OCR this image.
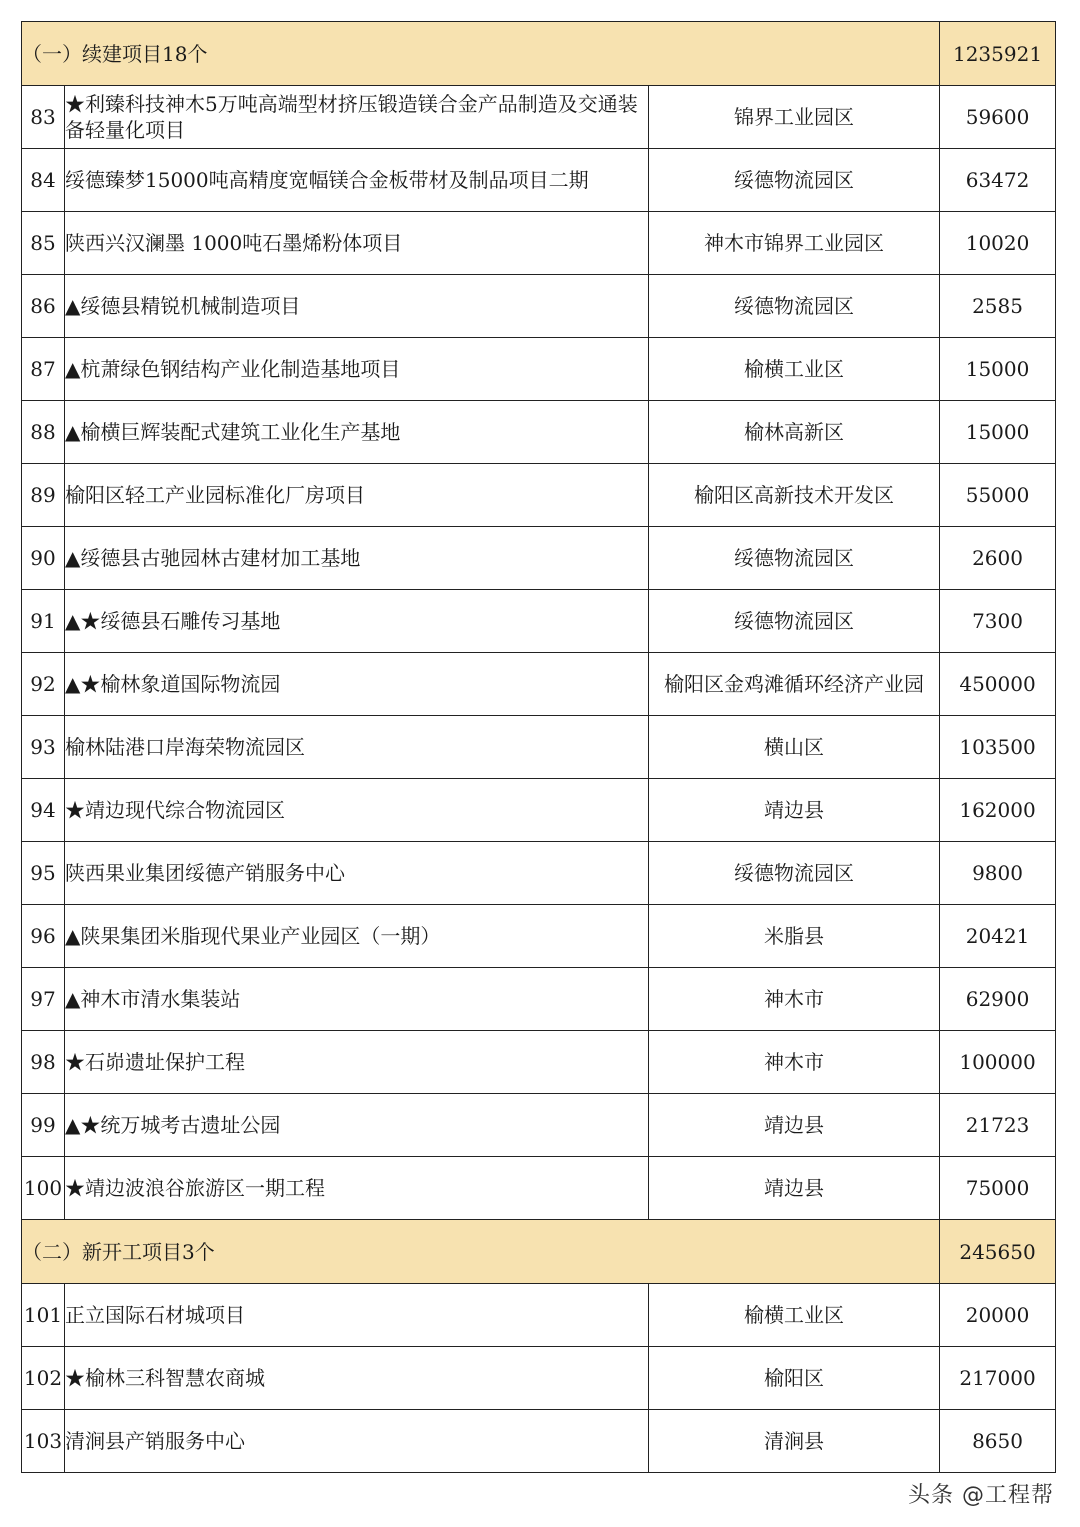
（一）续建项目18个			1235921
83	★利臻科技神木5万吨高端型材挤压锻造镁合金产品制造及交通装备轻量化项目	锦界工业园区	59600
84	绥德臻梦15000吨高精度宽幅镁合金板带材及制品项目二期	绥德物流园区	63472
85	陕西兴汉澜墨 1000吨石墨烯粉体项目	神木市锦界工业园区	10020
86	▲绥德县精锐机械制造项目	绥德物流园区	2585
87	▲杭萧绿色钢结构产业化制造基地项目	榆横工业区	15000
88	▲榆横巨辉装配式建筑工业化生产基地	榆林高新区	15000
89	榆阳区轻工产业园标准化厂房项目	榆阳区高新技术开发区	55000
90	▲绥德县古驰园林古建材加工基地	绥德物流园区	2600
91	▲★绥德县石雕传习基地	绥德物流园区	7300
92	▲★榆林象道国际物流园	榆阳区金鸡滩循环经济产业园	450000
93	榆林陆港口岸海荣物流园区	横山区	103500
94	★靖边现代综合物流园区	靖边县	162000
95	陕西果业集团绥德产销服务中心	绥德物流园区	9800
96	▲陕果集团米脂现代果业产业园区（一期）	米脂县	20421
97	▲神木市清水集装站	神木市	62900
98	★石峁遗址保护工程	神木市	100000
99	▲★统万城考古遗址公园	靖边县	21723
100	★靖边波浪谷旅游区一期工程	靖边县	75000
（二）新开工项目3个			245650
101	正立国际石材城项目	榆横工业区	20000
102	★榆林三科智慧农商城	榆阳区	217000
103	清涧县产销服务中心	清涧县	8650
头条 @工程帮
